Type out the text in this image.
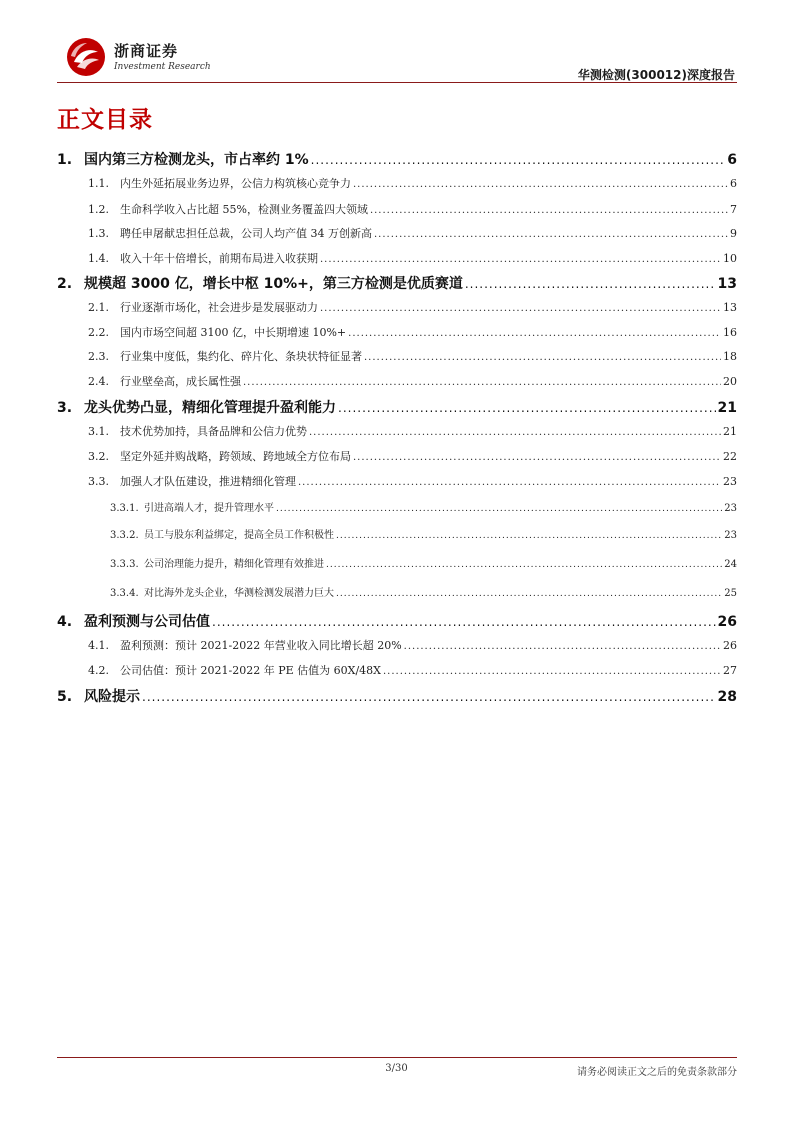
浙商证券
Investment Research
华测检测(300012)深度报告
正文目录
1. 国内第三方检测龙头，市占率约 1% .....	6
1.1.	内生外延拓展业务边界，公信力构筑核心竞争力 .....	6
1.2.	生命科学收入占比超 55%，检测业务覆盖四大领域 .....	7
1.3.	聘任申屠献忠担任总裁，公司人均产值 34 万创新高 .....	9
1.4.	收入十年十倍增长，前期布局进入收获期 .....	10
2. 规模超 3000 亿，增长中枢 10%+，第三方检测是优质赛道 .....	13
2.1.	行业逐渐市场化，社会进步是发展驱动力 .....	13
2.2.	国内市场空间超 3100 亿，中长期增速 10%+ .....	16
2.3.	行业集中度低，集约化、碎片化、条块状特征显著 .....	18
2.4.	行业壁垒高，成长属性强 .....	20
3. 龙头优势凸显，精细化管理提升盈利能力 .....	21
3.1.	技术优势加持，具备品牌和公信力优势 .....	21
3.2.	坚定外延并购战略，跨领域、跨地域全方位布局 .....	22
3.3.	加强人才队伍建设，推进精细化管理 .....	23
3.3.1. 引进高端人才，提升管理水平 .....	23
3.3.2. 员工与股东利益绑定，提高全员工作积极性 .....	23
3.3.3. 公司治理能力提升，精细化管理有效推进 .....	24
3.3.4. 对比海外龙头企业，华测检测发展潜力巨大 .....	25
4. 盈利预测与公司估值 .....	26
4.1.	盈利预测：预计 2021-2022 年营业收入同比增长超 20% .....	26
4.2.	公司估值：预计 2021-2022 年 PE 估值为 60X/48X .....	27
5. 风险提示 .....	28
3/30	请务必阅读正文之后的免责条款部分
